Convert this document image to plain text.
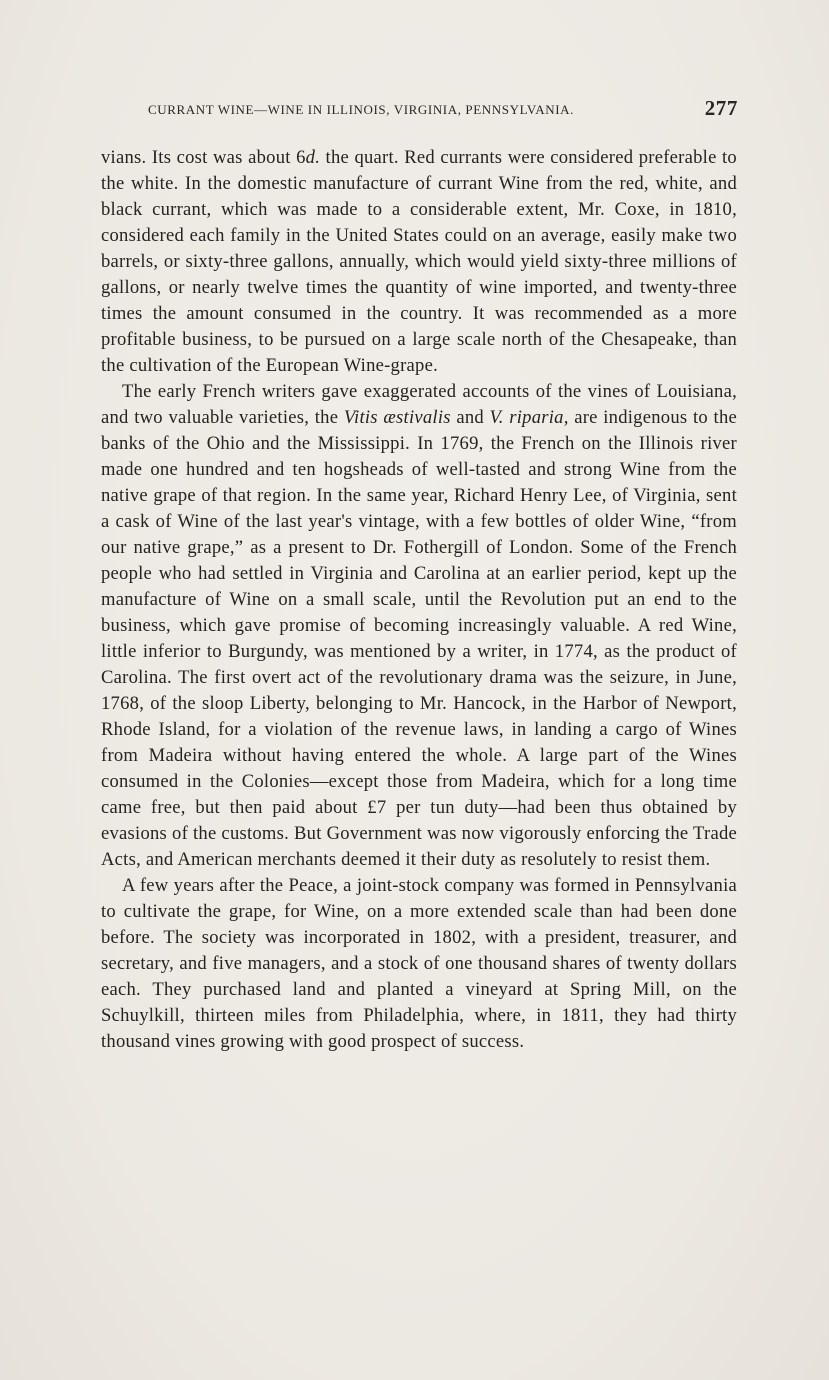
CURRANT WINE—WINE IN ILLINOIS, VIRGINIA, PENNSYLVANIA.	277

vians. Its cost was about 6d. the quart. Red currants were considered preferable to the white. In the domestic manufacture of currant Wine from the red, white, and black currant, which was made to a considerable extent, Mr. Coxe, in 1810, considered each family in the United States could on an average, easily make two barrels, or sixty-three gallons, annually, which would yield sixty-three millions of gallons, or nearly twelve times the quantity of wine imported, and twenty-three times the amount consumed in the country. It was recommended as a more profitable business, to be pursued on a large scale north of the Chesapeake, than the cultivation of the European Wine-grape.

The early French writers gave exaggerated accounts of the vines of Louisiana, and two valuable varieties, the Vitis æstivalis and V. riparia, are indigenous to the banks of the Ohio and the Mississippi. In 1769, the French on the Illinois river made one hundred and ten hogsheads of well-tasted and strong Wine from the native grape of that region. In the same year, Richard Henry Lee, of Virginia, sent a cask of Wine of the last year's vintage, with a few bottles of older Wine, “from our native grape,” as a present to Dr. Fothergill of London. Some of the French people who had settled in Virginia and Carolina at an earlier period, kept up the manufacture of Wine on a small scale, until the Revolution put an end to the business, which gave promise of becoming increasingly valuable. A red Wine, little inferior to Burgundy, was mentioned by a writer, in 1774, as the product of Carolina. The first overt act of the revolutionary drama was the seizure, in June, 1768, of the sloop Liberty, belonging to Mr. Hancock, in the Harbor of Newport, Rhode Island, for a violation of the revenue laws, in landing a cargo of Wines from Madeira without having entered the whole. A large part of the Wines consumed in the Colonies—except those from Madeira, which for a long time came free, but then paid about £7 per tun duty—had been thus obtained by evasions of the customs. But Government was now vigorously enforcing the Trade Acts, and American merchants deemed it their duty as resolutely to resist them.

A few years after the Peace, a joint-stock company was formed in Pennsylvania to cultivate the grape, for Wine, on a more extended scale than had been done before. The society was incorporated in 1802, with a president, treasurer, and secretary, and five managers, and a stock of one thousand shares of twenty dollars each. They purchased land and planted a vineyard at Spring Mill, on the Schuylkill, thirteen miles from Philadelphia, where, in 1811, they had thirty thousand vines growing with good prospect of success.
